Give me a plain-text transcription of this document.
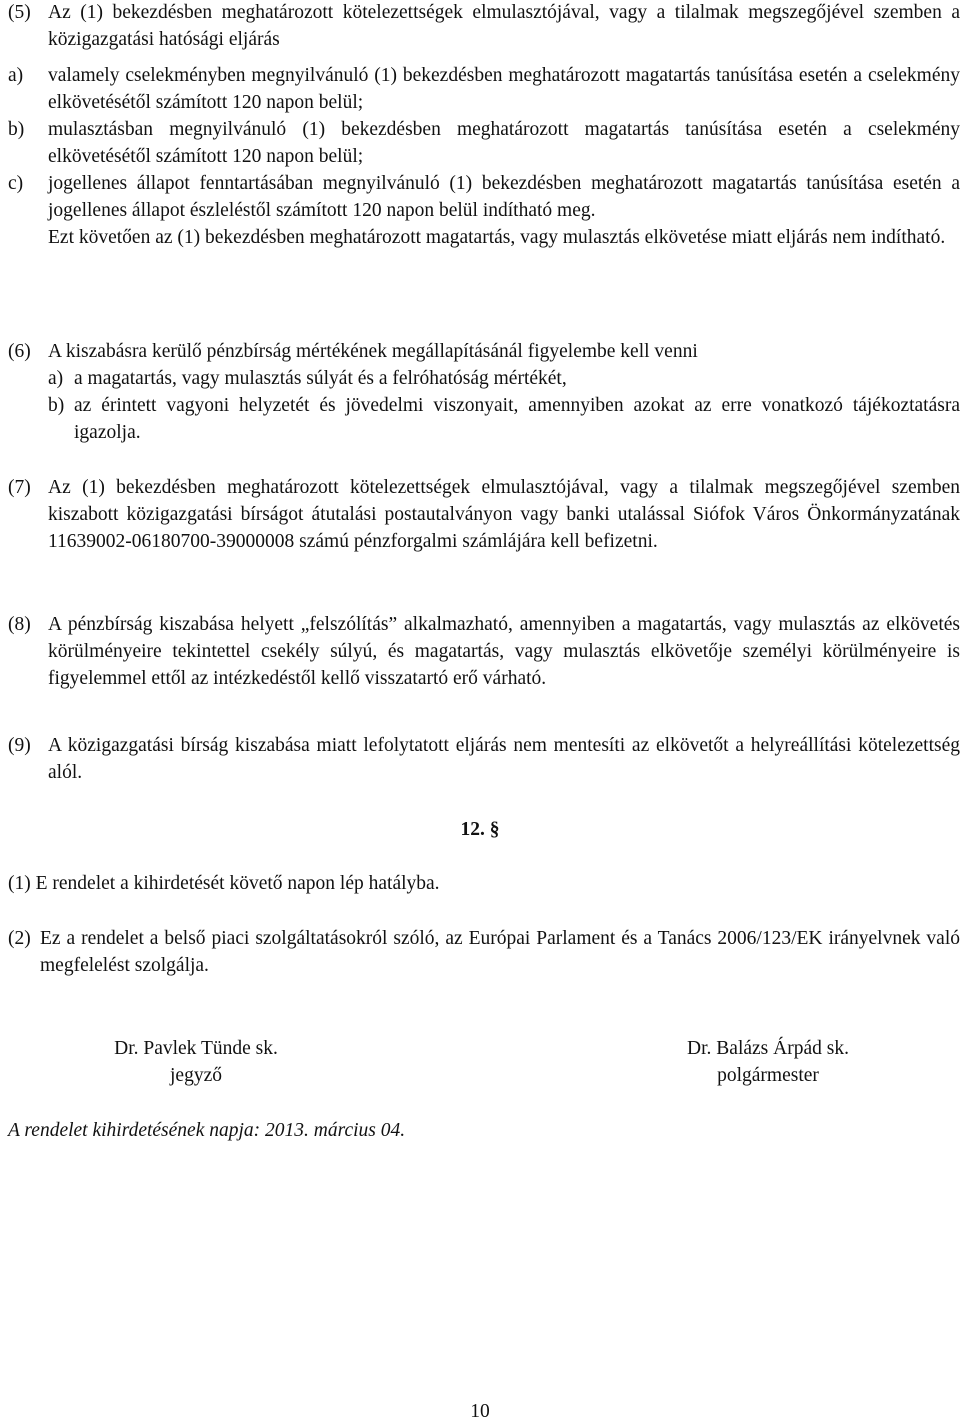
(5) Az (1) bekezdésben meghatározott kötelezettségek elmulasztójával, vagy a tilalmak megszegőjével szemben a közigazgatási hatósági eljárás
a) valamely cselekményben megnyilvánuló (1) bekezdésben meghatározott magatartás tanúsítása esetén a cselekmény elkövetésétől számított 120 napon belül;
b) mulasztásban megnyilvánuló (1) bekezdésben meghatározott magatartás tanúsítása esetén a cselekmény elkövetésétől számított 120 napon belül;
c) jogellenes állapot fenntartásában megnyilvánuló (1) bekezdésben meghatározott magatartás tanúsítása esetén a jogellenes állapot észleléstől számított 120 napon belül indítható meg.
Ezt követően az (1) bekezdésben meghatározott magatartás, vagy mulasztás elkövetése miatt eljárás nem indítható.
(6) A kiszabásra kerülő pénzbírság mértékének megállapításánál figyelembe kell venni
a) a magatartás, vagy mulasztás súlyát és a felróhatóság mértékét,
b) az érintett vagyoni helyzetét és jövedelmi viszonyait, amennyiben azokat az erre vonatkozó tájékoztatásra igazolja.
(7) Az (1) bekezdésben meghatározott kötelezettségek elmulasztójával, vagy a tilalmak megszegőjével szemben kiszabott közigazgatási bírságot átutalási postautalványon vagy banki utalással Siófok Város Önkormányzatának 11639002-06180700-39000008 számú pénzforgalmi számlájára kell befizetni.
(8) A pénzbírság kiszabása helyett „felszólítás” alkalmazható, amennyiben a magatartás, vagy mulasztás az elkövetés körülményeire tekintettel csekély súlyú, és magatartás, vagy mulasztás elkövetője személyi körülményeire is figyelemmel ettől az intézkedéstől kellő visszatartó erő várható.
(9) A közigazgatási bírság kiszabása miatt lefolytatott eljárás nem mentesíti az elkövetőt a helyreállítási kötelezettség alól.
12. §
(1) E rendelet a kihirdetését követő napon lép hatályba.
(2) Ez a rendelet a belső piaci szolgáltatásokról szóló, az Európai Parlament és a Tanács 2006/123/EK irányelvnek való megfelelést szolgálja.
Dr. Pavlek Tünde sk.
jegyző
Dr. Balázs Árpád sk.
polgármester
A rendelet kihirdetésének napja: 2013. március 04.
10
